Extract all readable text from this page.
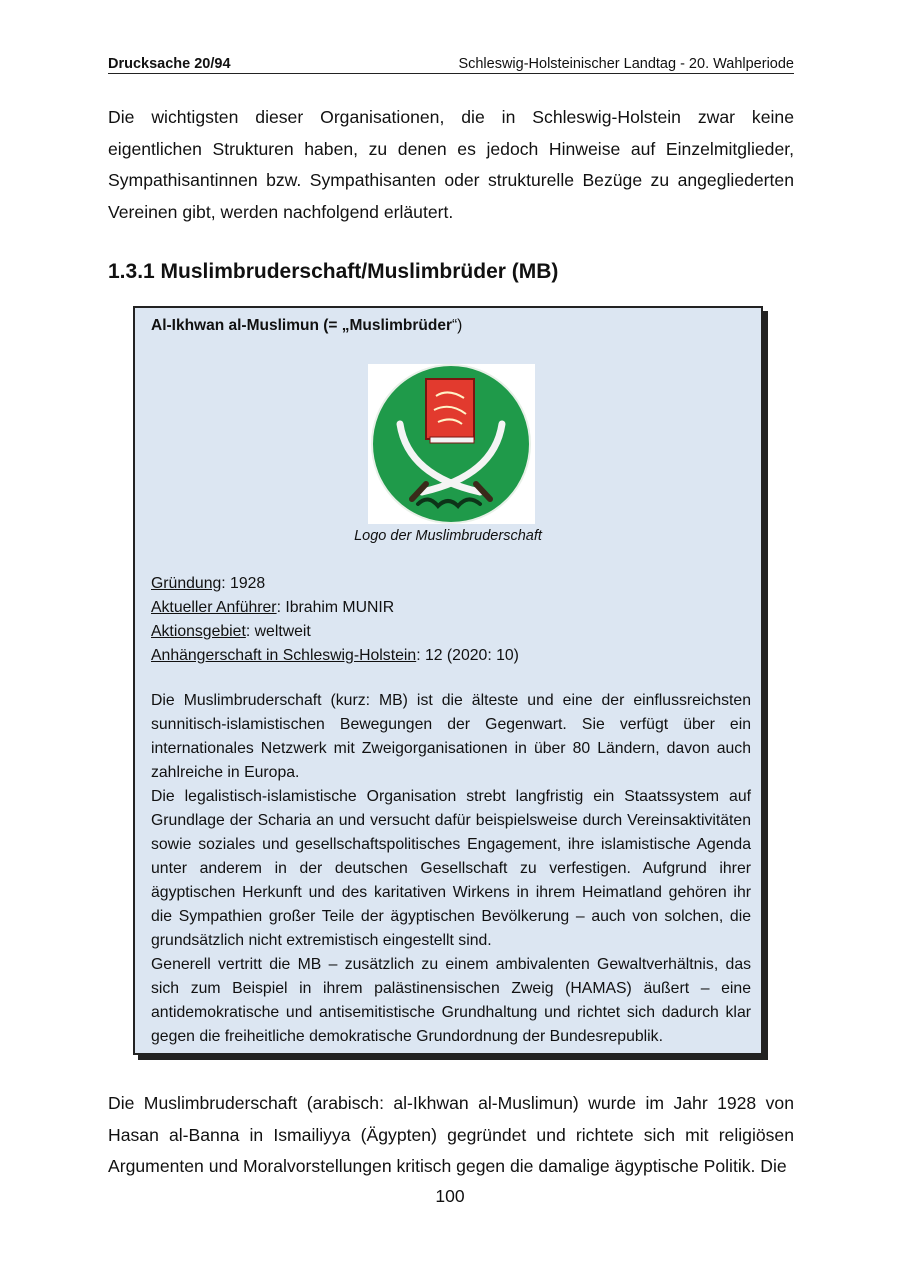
Drucksache 20/94	Schleswig-Holsteinischer Landtag - 20. Wahlperiode

Die wichtigsten dieser Organisationen, die in Schleswig-Holstein zwar keine eigentlichen Strukturen haben, zu denen es jedoch Hinweise auf Einzelmitglieder, Sympathisantinnen bzw. Sympathisanten oder strukturelle Bezüge zu angegliederten Vereinen gibt, werden nachfolgend erläutert.

1.3.1 Muslimbruderschaft/Muslimbrüder (MB)
Al-Ikhwan al-Muslimun (= „Muslimbrüder“)
Logo der Muslimbruderschaft
Gründung: 1928
Aktueller Anführer: Ibrahim MUNIR
Aktionsgebiet: weltweit
Anhängerschaft in Schleswig-Holstein: 12 (2020: 10)

Die Muslimbruderschaft (kurz: MB) ist die älteste und eine der einflussreichsten sunnitisch-islamistischen Bewegungen der Gegenwart. Sie verfügt über ein internationales Netzwerk mit Zweigorganisationen in über 80 Ländern, davon auch zahlreiche in Europa.

Die legalistisch-islamistische Organisation strebt langfristig ein Staatssystem auf Grundlage der Scharia an und versucht dafür beispielsweise durch Vereinsaktivitäten sowie soziales und gesellschaftspolitisches Engagement, ihre islamistische Agenda unter anderem in der deutschen Gesellschaft zu verfestigen. Aufgrund ihrer ägyptischen Herkunft und des karitativen Wirkens in ihrem Heimatland gehören ihr die Sympathien großer Teile der ägyptischen Bevölkerung – auch von solchen, die grundsätzlich nicht extremistisch eingestellt sind.

Generell vertritt die MB – zusätzlich zu einem ambivalenten Gewaltverhältnis, das sich zum Beispiel in ihrem palästinensischen Zweig (HAMAS) äußert – eine antidemokratische und antisemitistische Grundhaltung und richtet sich dadurch klar gegen die freiheitliche demokratische Grundordnung der Bundesrepublik.

Die Muslimbruderschaft (arabisch: al-Ikhwan al-Muslimun) wurde im Jahr 1928 von Hasan al-Banna in Ismailiyya (Ägypten) gegründet und richtete sich mit religiösen Argumenten und Moralvorstellungen kritisch gegen die damalige ägyptische Politik. Die

100
